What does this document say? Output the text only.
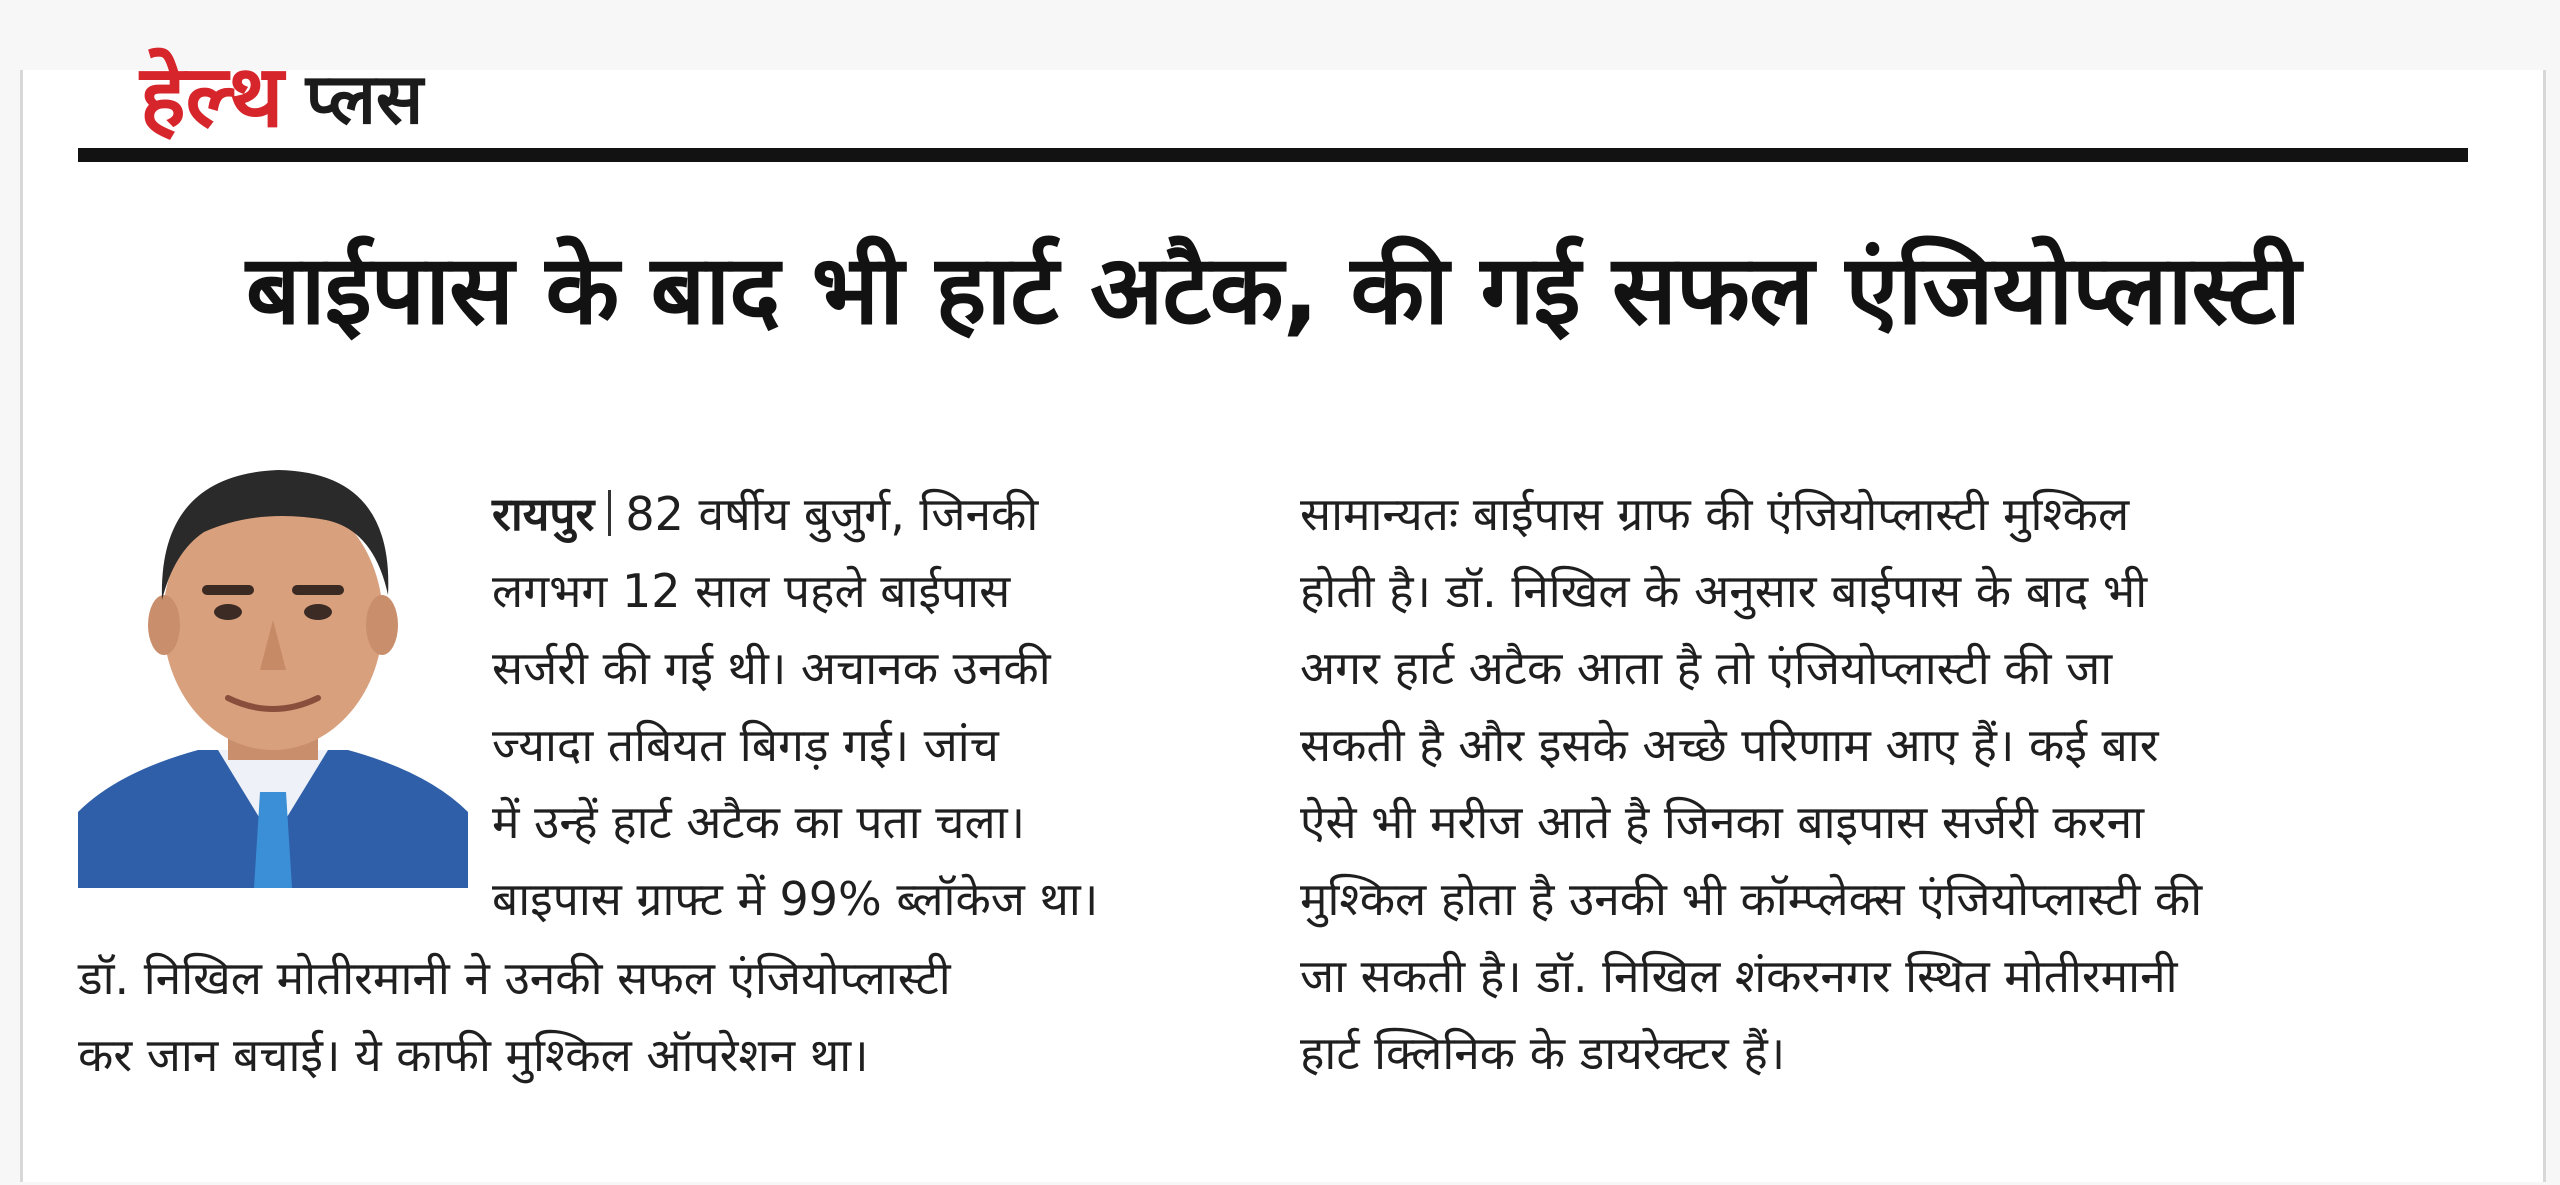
हेल्थ प्लस
बाईपास के बाद भी हार्ट अटैक, की गई सफल एंजियोप्लास्टी
रायपुर 82 वर्षीय बुजुर्ग, जिनकी
लगभग 12 साल पहले बाईपास
सर्जरी की गई थी। अचानक उनकी
ज्यादा तबियत बिगड़ गई। जांच
में उन्हें हार्ट अटैक का पता चला।
बाइपास ग्राफ्ट में 99% ब्लॉकेज था।
डॉ. निखिल मोतीरमानी ने उनकी सफल एंजियोप्लास्टी
कर जान बचाई। ये काफी मुश्किल ऑपरेशन था।
सामान्यतः बाईपास ग्राफ की एंजियोप्लास्टी मुश्किल
होती है। डॉ. निखिल के अनुसार बाईपास के बाद भी
अगर हार्ट अटैक आता है तो एंजियोप्लास्टी की जा
सकती है और इसके अच्छे परिणाम आए हैं। कई बार
ऐसे भी मरीज आते है जिनका बाइपास सर्जरी करना
मुश्किल होता है उनकी भी कॉम्प्लेक्स एंजियोप्लास्टी की
जा सकती है। डॉ. निखिल शंकरनगर स्थित मोतीरमानी
हार्ट क्लिनिक के डायरेक्टर हैं।
